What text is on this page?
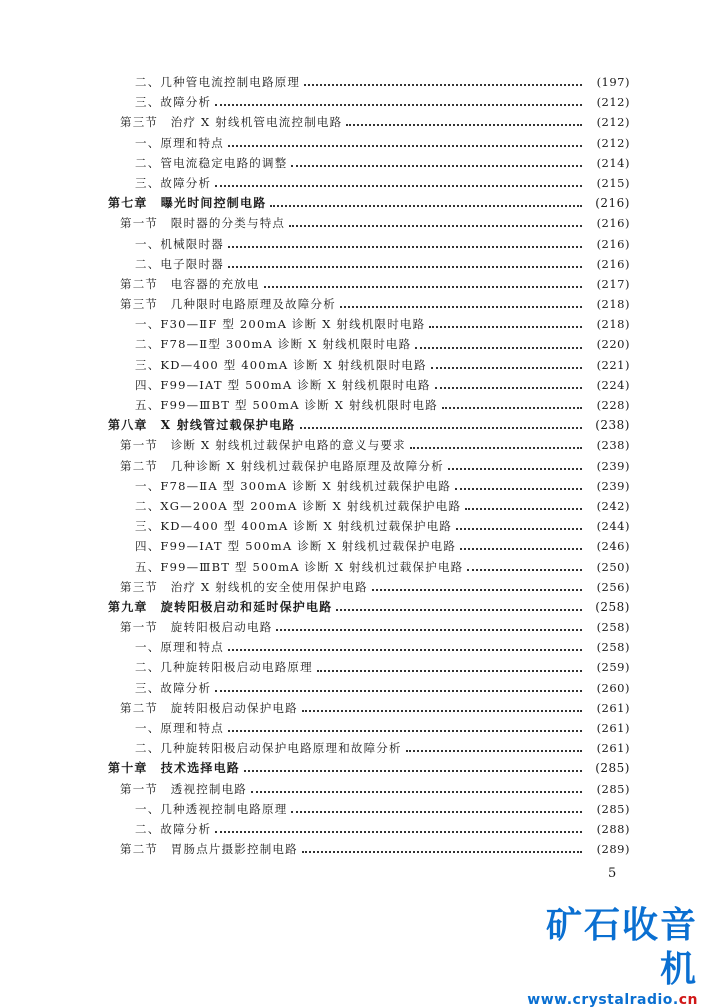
二、几种管电流控制电路原理	(197)
三、故障分析	(212)
第三节　治疗 X 射线机管电流控制电路	(212)
一、原理和特点	(212)
二、管电流稳定电路的调整	(214)
三、故障分析	(215)
第七章　曝光时间控制电路	(216)
第一节　限时器的分类与特点	(216)
一、机械限时器	(216)
二、电子限时器	(216)
第二节　电容器的充放电	(217)
第三节　几种限时电路原理及故障分析	(218)
一、F30—ⅡF 型 200mA 诊断 X 射线机限时电路	(218)
二、F78—Ⅱ型 300mA 诊断 X 射线机限时电路	(220)
三、KD—400 型 400mA 诊断 X 射线机限时电路	(221)
四、F99—ⅠAT 型 500mA 诊断 X 射线机限时电路	(224)
五、F99—ⅢBT 型 500mA 诊断 X 射线机限时电路	(228)
第八章　X 射线管过载保护电路	(238)
第一节　诊断 X 射线机过载保护电路的意义与要求	(238)
第二节　几种诊断 X 射线机过载保护电路原理及故障分析	(239)
一、F78—ⅡA 型 300mA 诊断 X 射线机过载保护电路	(239)
二、XG—200A 型 200mA 诊断 X 射线机过载保护电路	(242)
三、KD—400 型 400mA 诊断 X 射线机过载保护电路	(244)
四、F99—ⅠAT 型 500mA 诊断 X 射线机过载保护电路	(246)
五、F99—ⅢBT 型 500mA 诊断 X 射线机过载保护电路	(250)
第三节　治疗 X 射线机的安全使用保护电路	(256)
第九章　旋转阳极启动和延时保护电路	(258)
第一节　旋转阳极启动电路	(258)
一、原理和特点	(258)
二、几种旋转阳极启动电路原理	(259)
三、故障分析	(260)
第二节　旋转阳极启动保护电路	(261)
一、原理和特点	(261)
二、几种旋转阳极启动保护电路原理和故障分析	(261)
第十章　技术选择电路	(285)
第一节　透视控制电路	(285)
一、几种透视控制电路原理	(285)
二、故障分析	(288)
第二节　胃肠点片摄影控制电路	(289)
5
矿石收音机
www.crystalradio.cn
